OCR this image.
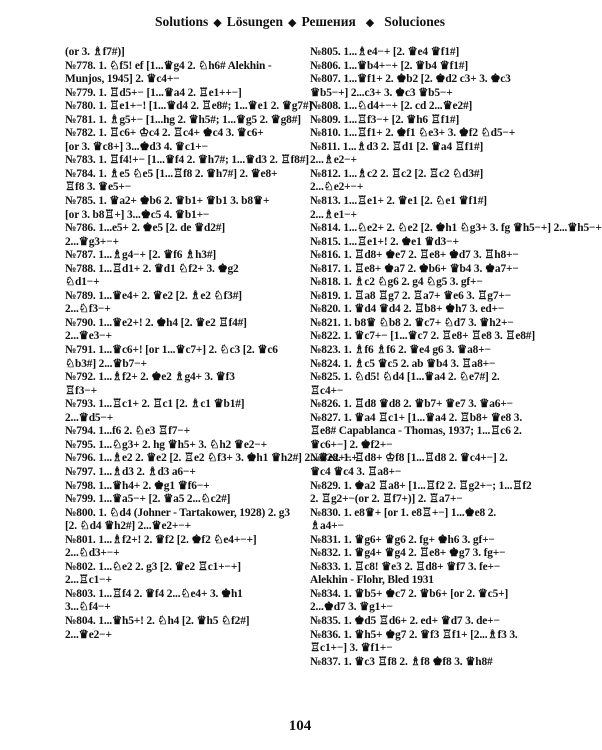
Solutions ◆ Lösungen ◆ Решения ◆ Soluciones
(or 3. ♗f7#)]
№778. 1. ♘f5! ef [1...♛g4 2. ♘h6# Alekhin -
Munjos, 1945] 2. ♛c4+−
№779. 1. ♖d5+− [1...♛a4 2. ♖e1++−]
№780. 1. ♖e1+−! [1...♛d4 2. ♖e8#; 1...♛e1 2. ♛g7#]
№781. 1. ♗g5+− [1...hg 2. ♛h5#; 1...♛g5 2. ♛g8#]
№782. 1. ♖c6+ ♔c4 2. ♖c4+ ♚c4 3. ♛c6+
[or 3. ♛c8+] 3...♚d3 4. ♛c1+−
№783. 1. ♖f4!+− [1...♛f4 2. ♛h7#; 1...♛d3 2. ♖f8#]
№784. 1. ♗e5 ♘e5 [1...♖f8 2. ♛h7#] 2. ♛e8+
♖f8 3. ♛e5+−
№785. 1. ♛a2+ ♚b6 2. ♛b1+ ♛b1 3. b8♛+
[or 3. b8♖+] 3...♚c5 4. ♛b1+−
№786. 1...e5+ 2. ♚e5 [2. de ♛d2#]
2...♛g3+−+
№787. 1...♗g4−+ [2. ♛f6 ♗h3#]
№788. 1...♖d1+ 2. ♛d1 ♘f2+ 3. ♚g2
♘d1−+
№789. 1...♛e4+ 2. ♛e2 [2. ♗e2 ♘f3#]
2...♘f3−+
№790. 1...♛e2+! 2. ♚h4 [2. ♛e2 ♖f4#]
2...♛e3−+
№791. 1...♛c6+! [or 1...♛c7+] 2. ♘c3 [2. ♛c6
♘b3#] 2...♛b7−+
№792. 1...♗f2+ 2. ♚e2 ♗g4+ 3. ♛f3
♖f3−+
№793. 1...♖c1+ 2. ♖c1 [2. ♗c1 ♛b1#]
2...♛d5−+
№794. 1...f6 2. ♘e3 ♖f7−+
№795. 1...♘g3+ 2. hg ♛h5+ 3. ♘h2 ♛e2−+
№796. 1...♗e2 2. ♛e2 [2. ♖e2 ♘f3+ 3. ♚h1 ♛h2#] 2...♛e2+−+
№797. 1...♗d3 2. ♗d3 a6−+
№798. 1...♛h4+ 2. ♚g1 ♛f6−+
№799. 1...♛a5−+ [2. ♛a5 2...♘c2#]
№800. 1. ♘d4 (Johner - Tartakower, 1928) 2. g3
[2. ♘d4 ♛h2#] 2...♛e2+−+
№801. 1...♗f2+! 2. ♛f2 [2. ♚f2 ♘e4+−+]
2...♘d3+−+
№802. 1...♘e2 2. g3 [2. ♛e2 ♖c1+−+]
2...♖c1−+
№803. 1...♖f4 2. ♛f4 2...♘e4+ 3. ♚h1
3...♘f4−+
№804. 1...♛h5+! 2. ♘h4 [2. ♛h5 ♘f2#]
2...♛e2−+
№805. 1...♗e4−+ [2. ♛e4 ♛f1#]
№806. 1...♛b4+−+ [2. ♛b4 ♛f1#]
№807. 1...♛f1+ 2. ♚b2 [2. ♚d2 c3+ 3. ♚c3
♛b5−+] 2...c3+ 3. ♚c3 ♛b5−+
№808. 1...♘d4+−+ [2. cd 2...♛e2#]
№809. 1...♖f3−+ [2. ♛h6 ♖f1#]
№810. 1...♖f1+ 2. ♚f1 ♘e3+ 3. ♚f2 ♘d5−+
№811. 1...♗d3 2. ♖d1 [2. ♛a4 ♖f1#]
2...♗e2−+
№812. 1...♗c2 2. ♖c2 [2. ♖c2 ♘d3#]
2...♘e2+−+
№813. 1...♖e1+ 2. ♛e1 [2. ♘e1 ♛f1#]
2...♗e1−+
№814. 1...♘e2+ 2. ♘e2 [2. ♚h1 ♘g3+ 3. fg ♛h5−+] 2...♛h5−+
№815. 1...♖e1+! 2. ♚e1 ♛d3−+
№816. 1. ♖d8+ ♚e7 2. ♖e8+ ♚d7 3. ♖h8+−
№817. 1. ♖e8+ ♚a7 2. ♚b6+ ♛b4 3. ♚a7+−
№818. 1. ♗c2 ♘g6 2. g4 ♘g5 3. gf+−
№819. 1. ♖a8 ♖g7 2. ♖a7+ ♛e6 3. ♖g7+−
№820. 1. ♛d4 ♛d4 2. ♖b8+ ♚h7 3. ed+−
№821. 1. b8♛ ♘b8 2. ♛c7+ ♘d7 3. ♛h2+−
№822. 1. ♛c7+− [1...♛c7 2. ♖e8+ ♖e8 3. ♖e8#]
№823. 1. ♗f6 ♗f6 2. ♛e4 g6 3. ♛a8+−
№824. 1. ♗c5 ♛c5 2. ab ♛b4 3. ♖a8+−
№825. 1. ♘d5! ♘d4 [1...♛a4 2. ♘e7#] 2.
♖c4+−
№826. 1. ♖d8 ♛d8 2. ♛b7+ ♛e7 3. ♛a6+−
№827. 1. ♛a4 ♖c1+ [1...♛a4 2. ♖b8+ ♛e8 3.
♖e8# Capablanca - Thomas, 1937; 1...♖c6 2.
♛c6+−] 2. ♚f2+−
№828. 1. ♖d8+ ♔f8 [1...♖d8 2. ♛c4+−] 2.
♛c4 ♛c4 3. ♖a8+−
№829. 1. ♚a2 ♖a8+ [1...♖f2 2. ♖g2+−; 1...♖f2
2. ♖g2+−(or 2. ♖f7+)] 2. ♖a7+−
№830. 1. e8♛+ [or 1. e8♖+−] 1...♚e8 2.
♗a4+−
№831. 1. ♛g6+ ♛g6 2. fg+ ♚h6 3. gf+−
№832. 1. ♛g4+ ♛g4 2. ♖e8+ ♚g7 3. fg+−
№833. 1. ♖c8! ♛e3 2. ♖d8+ ♛f7 3. fe+−
Alekhin - Flohr, Bled 1931
№834. 1. ♛b5+ ♚c7 2. ♛b6+ [or 2. ♛c5+]
2...♚d7 3. ♛g1+−
№835. 1. ♚d5 ♖d6+ 2. ed+ ♛d7 3. de+−
№836. 1. ♛h5+ ♚g7 2. ♛f3 ♖f1+ [2...♗f3 3.
♖c1+−] 3. ♛f1+−
№837. 1. ♛c3 ♖f8 2. ♗f8 ♚f8 3. ♛h8#
104
